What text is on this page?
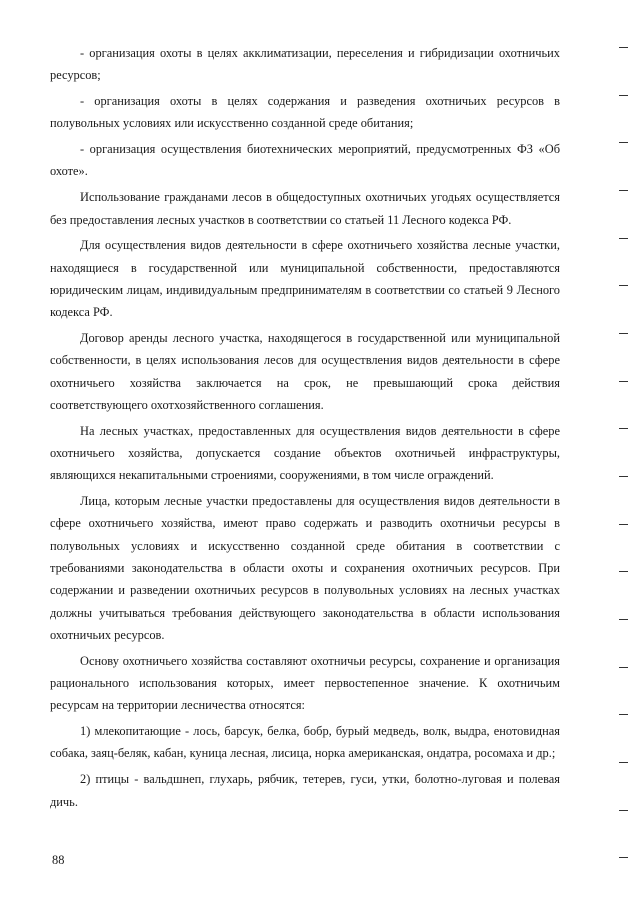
- организация охоты в целях акклиматизации, переселения и гибридизации охотничьих ресурсов;

- организация охоты в целях содержания и разведения охотничьих ресурсов в полувольных условиях или искусственно созданной среде обитания;

- организация осуществления биотехнических мероприятий, предусмотренных ФЗ «Об охоте».

Использование гражданами лесов в общедоступных охотничьих угодьях осуществляется без предоставления лесных участков в соответствии со статьей 11 Лесного кодекса РФ.

Для осуществления видов деятельности в сфере охотничьего хозяйства лесные участки, находящиеся в государственной или муниципальной собственности, предоставляются юридическим лицам, индивидуальным предпринимателям в соответствии со статьей 9 Лесного кодекса РФ.

Договор аренды лесного участка, находящегося в государственной или муниципальной собственности, в целях использования лесов для осуществления видов деятельности в сфере охотничьего хозяйства заключается на срок, не превышающий срока действия соответствующего охотхозяйственного соглашения.

На лесных участках, предоставленных для осуществления видов деятельности в сфере охотничьего хозяйства, допускается создание объектов охотничьей инфраструктуры, являющихся некапитальными строениями, сооружениями, в том числе ограждений.

Лица, которым лесные участки предоставлены для осуществления видов деятельности в сфере охотничьего хозяйства, имеют право содержать и разводить охотничьи ресурсы в полувольных условиях и искусственно созданной среде обитания в соответствии с требованиями законодательства в области охоты и сохранения охотничьих ресурсов. При содержании и разведении охотничьих ресурсов в полувольных условиях на лесных участках должны учитываться требования действующего законодательства в области использования охотничьих ресурсов.

Основу охотничьего хозяйства составляют охотничьи ресурсы, сохранение и организация рационального использования которых, имеет первостепенное значение. К охотничьим ресурсам на территории лесничества относятся:

1) млекопитающие - лось, барсук, белка, бобр, бурый медведь, волк, выдра, енотовидная собака, заяц-беляк, кабан, куница лесная, лисица, норка американская, ондатра, росомаха и др.;

2) птицы - вальдшнеп, глухарь, рябчик, тетерев, гуси, утки, болотно-луговая и полевая дичь.

88
